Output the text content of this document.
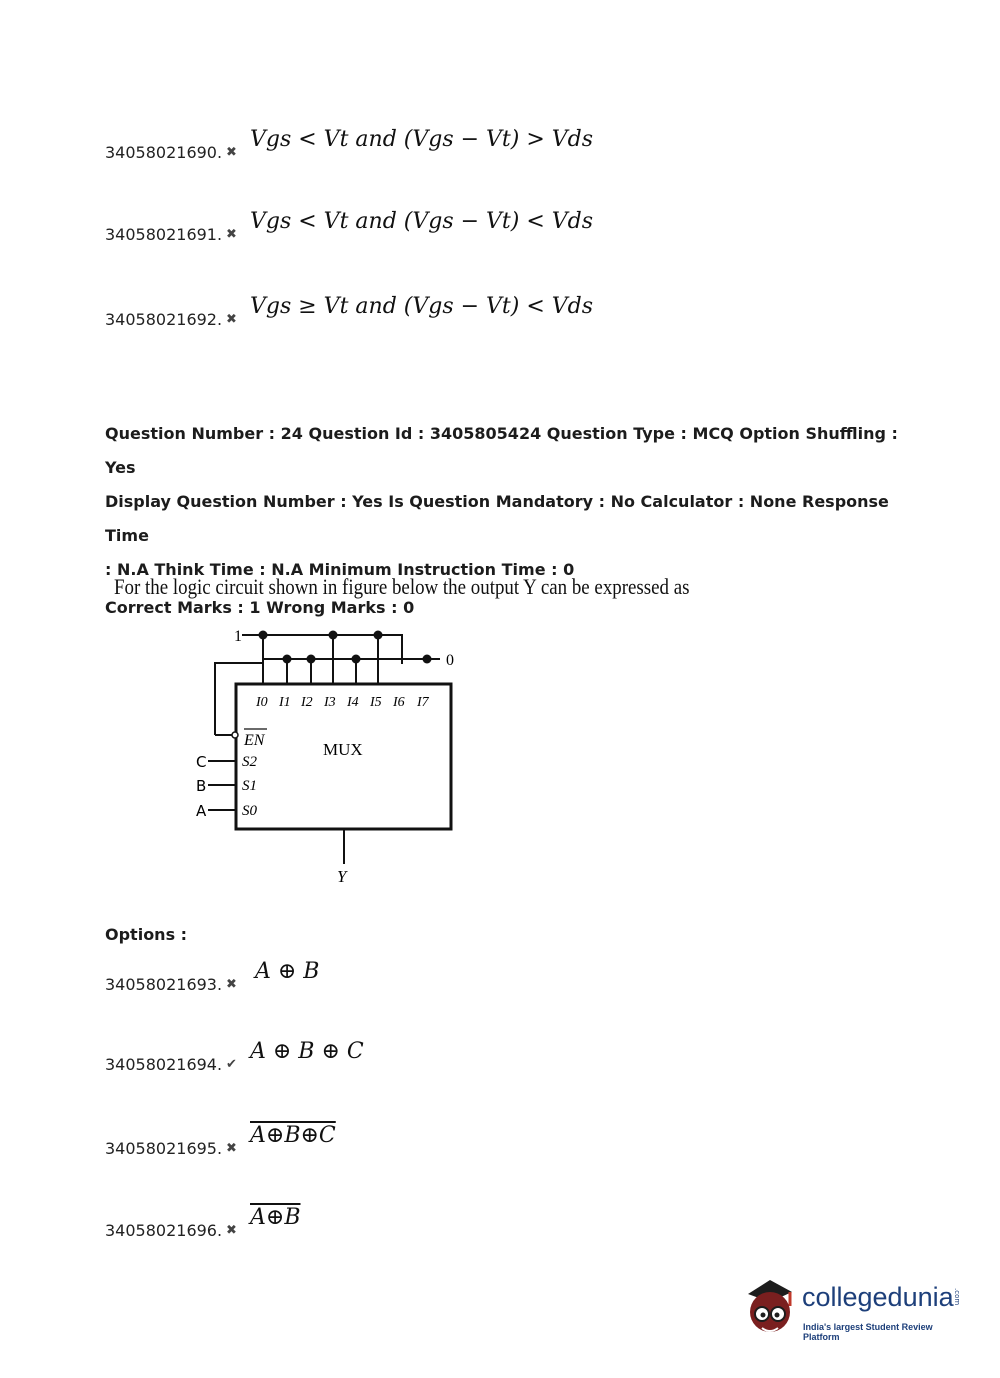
34058021690. ✖
Vgs < Vt and (Vgs − Vt) > Vds
34058021691. ✖
Vgs < Vt and (Vgs − Vt) < Vds
34058021692. ✖
Vgs ≥ Vt and (Vgs − Vt) < Vds
Question Number : 24 Question Id : 3405805424 Question Type : MCQ Option Shuffling : Yes
Display Question Number : Yes Is Question Mandatory : No Calculator : None Response Time
: N.A Think Time : N.A Minimum Instruction Time : 0
Correct Marks : 1 Wrong Marks : 0
For the logic circuit shown in figure below the output Y can be expressed as
1
0
I0 I1 I2 I3 I4 I5 I6 I7
EN	MUX
S2
S1
S0
C
B
A
Y
Options :
34058021693. ✖
A ⊕ B
34058021694. ✔
A ⊕ B ⊕ C
34058021695. ✖
A⊕B⊕C
34058021696. ✖
A⊕B
collegedunia .com
India's largest Student Review Platform
